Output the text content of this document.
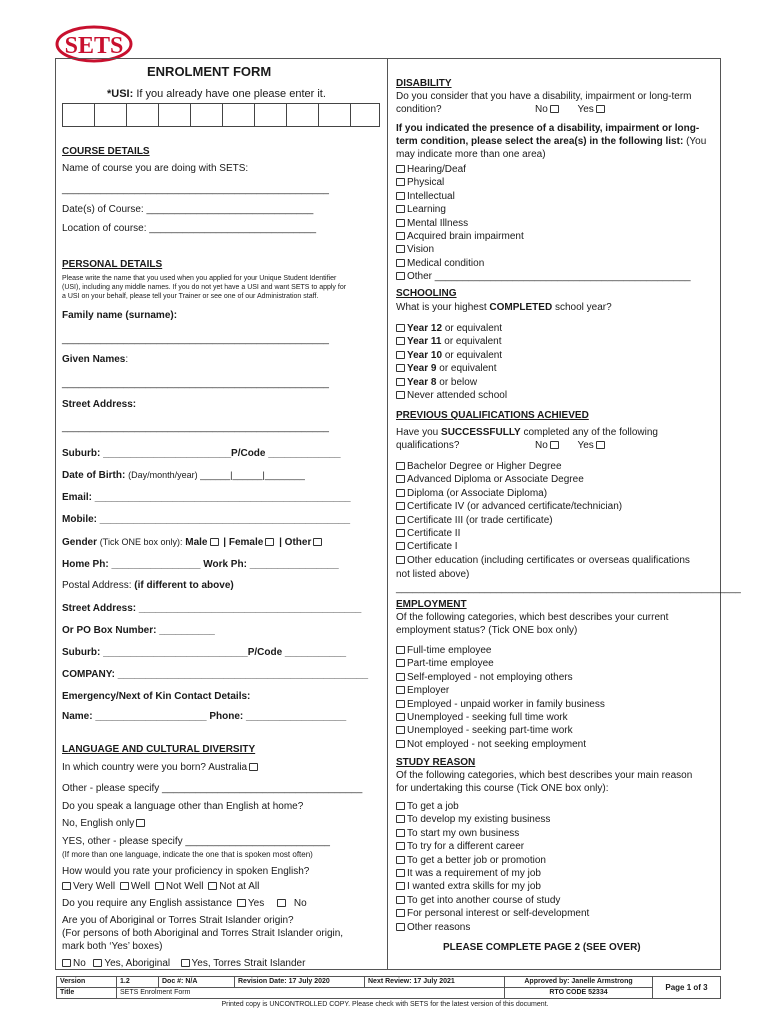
SETS
ENROLMENT FORM
*USI: If you already have one please enter it.
COURSE DETAILS
Name of course you are doing with SETS:
________________________________________________
Date(s) of Course: ______________________________
Location of course: ______________________________
PERSONAL DETAILS
Please write the name that you used when you applied for your Unique Student Identifier
(USI), including any middle names. If you do not yet have a USI and want SETS to apply for
a USI on your behalf, please tell your Trainer or see one of our Administration staff.
Family name (surname):
________________________________________________
Given Names:
________________________________________________
Street Address:
________________________________________________
Suburb: _______________________P/Code _____________
Date of Birth: (Day/month/year) ______|______|________
Email: ______________________________________________
Mobile: _____________________________________________
Gender (Tick ONE box only): Male | Female | Other
Home Ph: ________________ Work Ph: ________________
Postal Address: (if different to above)
Street Address: ________________________________________
Or PO Box Number: __________
Suburb: __________________________P/Code ___________
COMPANY: _____________________________________________
Emergency/Next of Kin Contact Details:
Name: ____________________ Phone: __________________
LANGUAGE AND CULTURAL DIVERSITY
In which country were you born? Australia
Other - please specify ____________________________________
Do you speak a language other than English at home?
No, English only
YES, other - please specify __________________________
(If more than one language, indicate the one that is spoken most often)
How would you rate your proficiency in spoken English?
Very Well Well Not Well Not at All
Do you require any English assistance Yes	No
Are you of Aboriginal or Torres Strait Islander origin?
(For persons of both Aboriginal and Torres Strait Islander origin,
mark both ‘Yes’ boxes)
No Yes, Aboriginal Yes, Torres Strait Islander
DISABILITY
Do you consider that you have a disability, impairment or long-term
condition?	No	Yes
If you indicated the presence of a disability, impairment or long-
term condition, please select the area(s) in the following list: (You
may indicate more than one area)
Hearing/Deaf
Physical
Intellectual
Learning
Mental Illness
Acquired brain impairment
Vision
Medical condition
Other ______________________________________________
SCHOOLING
What is your highest COMPLETED school year?
Year 12 or equivalent
Year 11 or equivalent
Year 10 or equivalent
Year 9 or equivalent
Year 8 or below
Never attended school
PREVIOUS QUALIFICATIONS ACHIEVED
Have you SUCCESSFULLY completed any of the following
qualifications?	No	Yes
Bachelor Degree or Higher Degree
Advanced Diploma or Associate Degree
Diploma (or Associate Diploma)
Certificate IV (or advanced certificate/technician)
Certificate III (or trade certificate)
Certificate II
Certificate I
Other education (including certificates or overseas qualifications
not listed above)
______________________________________________________________
EMPLOYMENT
Of the following categories, which best describes your current
employment status? (Tick ONE box only)
Full-time employee
Part-time employee
Self-employed - not employing others
Employer
Employed - unpaid worker in family business
Unemployed - seeking full time work
Unemployed - seeking part-time work
Not employed - not seeking employment
STUDY REASON
Of the following categories, which best describes your main reason
for undertaking this course (Tick ONE box only):
To get a job
To develop my existing business
To start my own business
To try for a different career
To get a better job or promotion
It was a requirement of my job
I wanted extra skills for my job
To get into another course of study
For personal interest or self-development
Other reasons
PLEASE COMPLETE PAGE 2 (SEE OVER)
Version	1.2	Doc #: N/A	Revision Date: 17 July 2020	Next Review: 17 July 2021	Approved by: Janelle Armstrong	Page 1 of 3
Title	SETS Enrolment Form				RTO CODE 52334	
Printed copy is UNCONTROLLED COPY. Please check with SETS for the latest version of this document.
